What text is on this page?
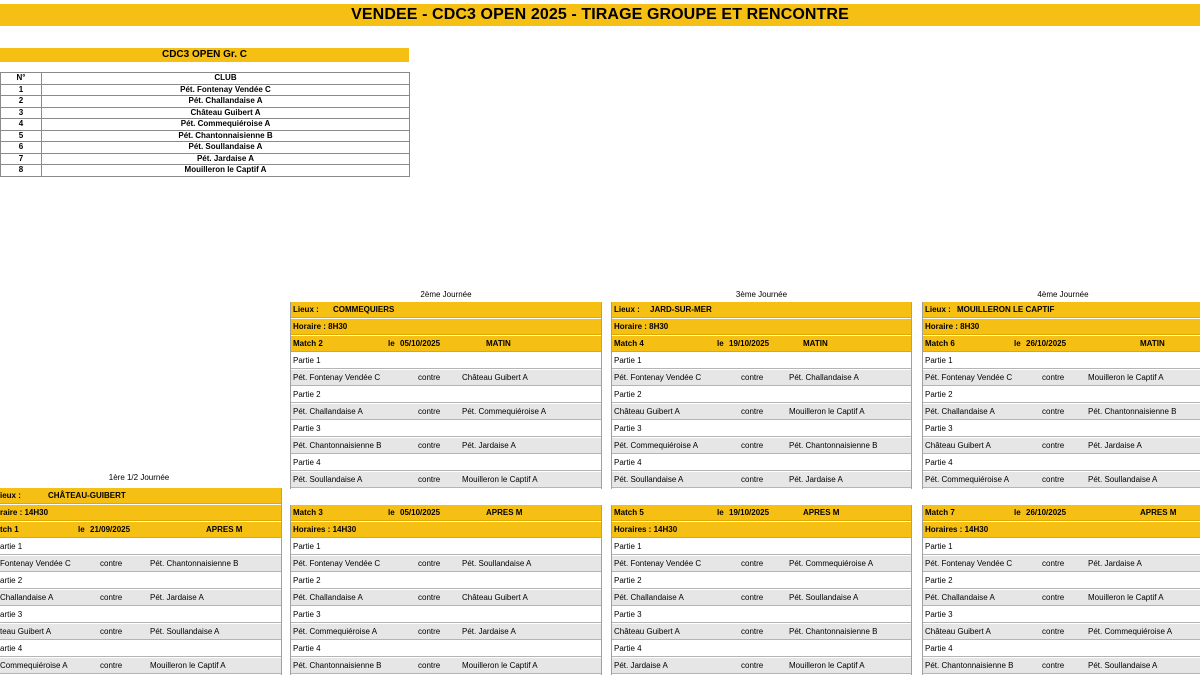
VENDEE - CDC3 OPEN 2025 - TIRAGE GROUPE ET RENCONTRE
CDC3 OPEN Gr. C
N°	CLUB
1	Pét. Fontenay Vendée C
2	Pét. Challandaise A
3	Château Guibert A
4	Pét. Commequiéroise A
5	Pét. Chantonnaisienne B
6	Pét. Soullandaise A
7	Pét. Jardaise A
8	Mouilleron le Captif A
1ère 1/2 Journée
ieux :	CHÂTEAU-GUIBERT
raire : 14H30
tch 1	le 21/09/2025	APRES M
artie 1
Fontenay Vendée C	contre	Pét. Chantonnaisienne B
artie 2
Challandaise A	contre	Pét. Jardaise A
artie 3
teau Guibert A	contre	Pét. Soullandaise A
artie 4
Commequiéroise A	contre	Mouilleron le Captif A
2ème Journée
Lieux : COMMEQUIERS
Horaire : 8H30
Match 2	le 05/10/2025	MATIN
Partie 1
Pét. Fontenay Vendée C	contre	Château Guibert A
Partie 2
Pét. Challandaise A	contre	Pét. Commequiéroise A
Partie 3
Pét. Chantonnaisienne B	contre	Pét. Jardaise A
Partie 4
Pét. Soullandaise A	contre	Mouilleron le Captif A
Match 3	le 05/10/2025	APRES M
Horaires : 14H30
Partie 1
Pét. Fontenay Vendée C	contre	Pét. Soullandaise A
Partie 2
Pét. Challandaise A	contre	Château Guibert A
Partie 3
Pét. Commequiéroise A	contre	Pét. Jardaise A
Partie 4
Pét. Chantonnaisienne B	contre	Mouilleron le Captif A
3ème Journée
Lieux : JARD-SUR-MER
Horaire : 8H30
Match 4	le 19/10/2025	MATIN
Partie 1
Pét. Fontenay Vendée C	contre	Pét. Challandaise A
Partie 2
Château Guibert A	contre	Mouilleron le Captif A
Partie 3
Pét. Commequiéroise A	contre	Pét. Chantonnaisienne B
Partie 4
Pét. Soullandaise A	contre	Pét. Jardaise A
Match 5	le 19/10/2025	APRES M
Horaires : 14H30
Partie 1
Pét. Fontenay Vendée C	contre	Pét. Commequiéroise A
Partie 2
Pét. Challandaise A	contre	Pét. Soullandaise A
Partie 3
Château Guibert A	contre	Pét. Chantonnaisienne B
Partie 4
Pét. Jardaise A	contre	Mouilleron le Captif A
4ème Journée
Lieux : MOUILLERON LE CAPTIF
Horaire : 8H30
Match 6	le 26/10/2025	MATIN
Partie 1
Pét. Fontenay Vendée C	contre	Mouilleron le Captif A
Partie 2
Pét. Challandaise A	contre	Pét. Chantonnaisienne B
Partie 3
Château Guibert A	contre	Pét. Jardaise A
Partie 4
Pét. Commequiéroise A	contre	Pét. Soullandaise A
Match 7	le 26/10/2025	APRES M
Horaires : 14H30
Partie 1
Pét. Fontenay Vendée C	contre	Pét. Jardaise A
Partie 2
Pét. Challandaise A	contre	Mouilleron le Captif A
Partie 3
Château Guibert A	contre	Pét. Commequiéroise A
Partie 4
Pét. Chantonnaisienne B	contre	Pét. Soullandaise A
